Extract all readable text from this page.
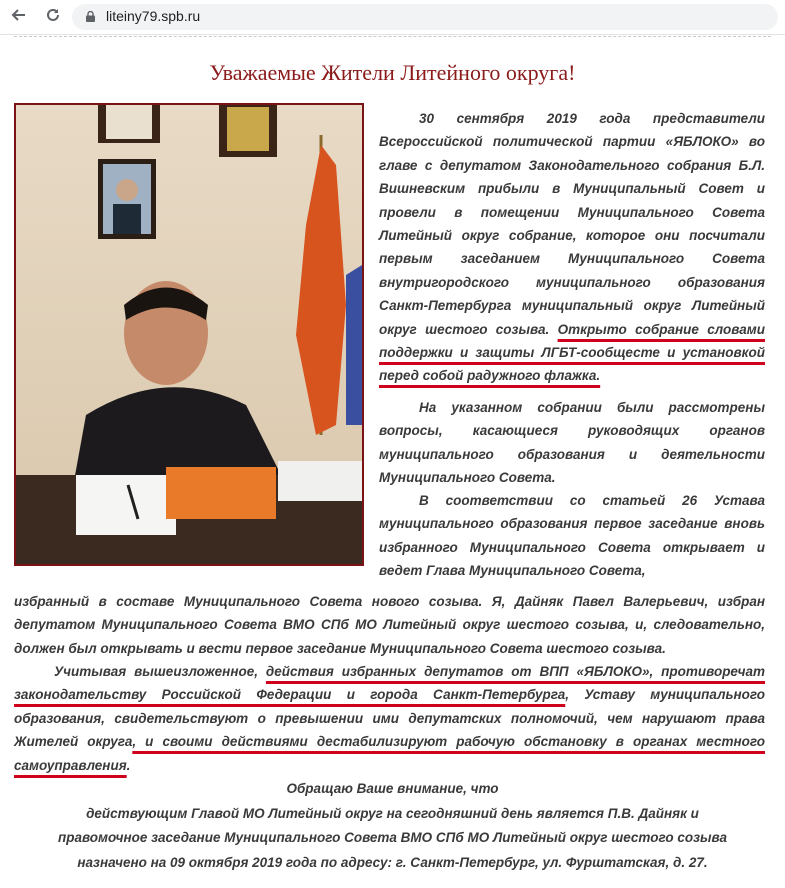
liteiny79.spb.ru
Уважаемые Жители Литейного округа!

30 сентября 2019 года представители Всероссийской политической партии «ЯБЛОКО» во главе с депутатом Законодательного собрания Б.Л. Вишневским прибыли в Муниципальный Совет и провели в помещении Муниципального Совета Литейный округ собрание, которое они посчитали первым заседанием Муниципального Совета внутригородского муниципального образования Санкт-Петербурга муниципальный округ Литейный округ шестого созыва. Открыто собрание словами поддержки и защиты ЛГБТ-сообщесте и установкой перед собой радужного флажка.

На указанном собрании были рассмотрены вопросы, касающиеся руководящих органов муниципального образования и деятельности Муниципального Совета.

В соответствии со статьей 26 Устава муниципального образования первое заседание вновь избранного Муниципального Совета открывает и ведет Глава Муниципального Совета,

избранный в составе Муниципального Совета нового созыва. Я, Дайняк Павел Валерьевич, избран депутатом Муниципального Совета ВМО СПб МО Литейный округ шестого созыва, и, следовательно, должен был открывать и вести первое заседание Муниципального Совета шестого созыва.

Учитывая вышеизложенное, действия избранных депутатов от ВПП «ЯБЛОКО», противоречат законодательству Российской Федерации и города Санкт-Петербурга, Уставу муниципального образования, свидетельствуют о превышении ими депутатских полномочий, чем нарушают права Жителей округа, и своими действиями дестабилизируют рабочую обстановку в органах местного самоуправления.

Обращаю Ваше внимание, что

действующим Главой МО Литейный округ на сегодняшний день является П.В. Дайняк и

правомочное заседание Муниципального Совета ВМО СПб МО Литейный округ шестого созыва

назначено на 09 октября 2019 года по адресу: г. Санкт-Петербург, ул. Фурштатская, д. 27.
